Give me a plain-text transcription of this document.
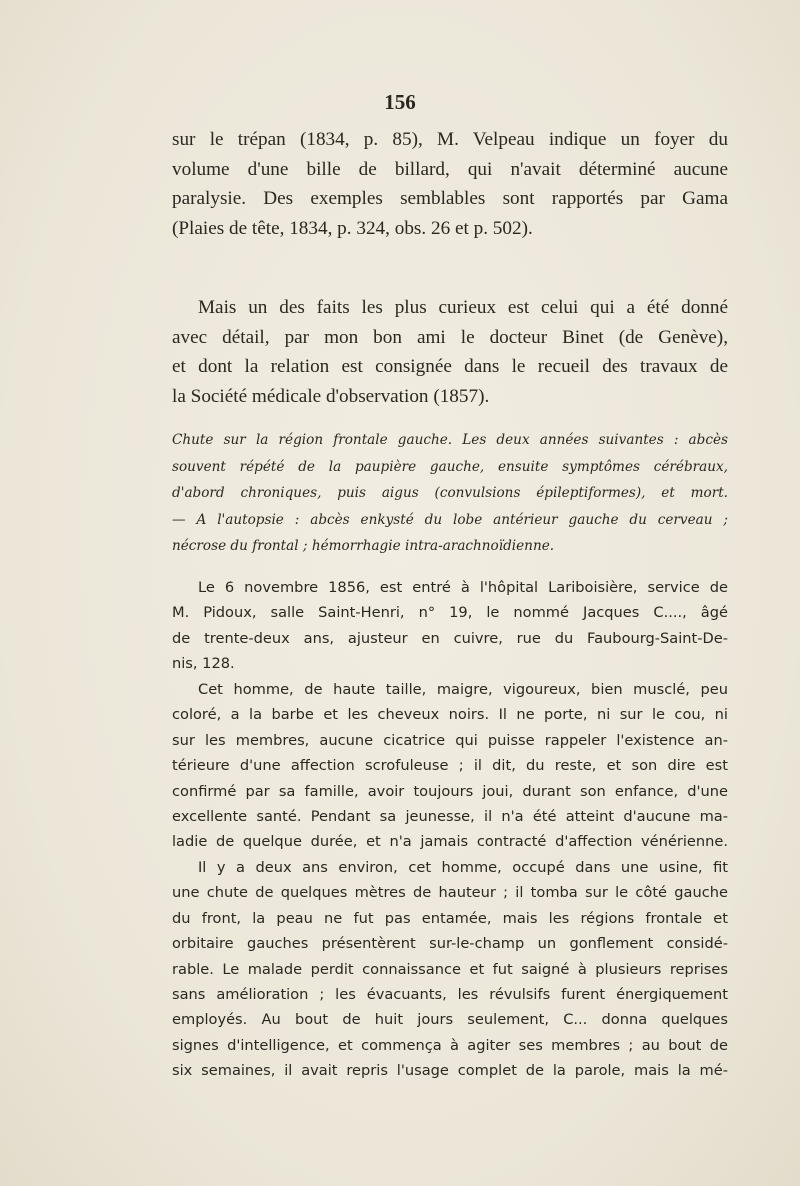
156
sur le trépan (1834, p. 85), M. Velpeau indique un foyer du
volume d'une bille de billard, qui n'avait déterminé aucune
paralysie. Des exemples semblables sont rapportés par Gama
(Plaies de tête, 1834, p. 324, obs. 26 et p. 502).
Mais un des faits les plus curieux est celui qui a été donné
avec détail, par mon bon ami le docteur Binet (de Genève),
et dont la relation est consignée dans le recueil des travaux de
la Société médicale d'observation (1857).
Chute sur la région frontale gauche. Les deux années suivantes : abcès
souvent répété de la paupière gauche, ensuite symptômes cérébraux,
d'abord chroniques, puis aigus (convulsions épileptiformes), et mort.
— A l'autopsie : abcès enkysté du lobe antérieur gauche du cerveau ;
nécrose du frontal ; hémorrhagie intra-arachnoïdienne.
Le 6 novembre 1856, est entré à l'hôpital Lariboisière, service de
M. Pidoux, salle Saint-Henri, n° 19, le nommé Jacques C...., âgé
de trente-deux ans, ajusteur en cuivre, rue du Faubourg-Saint-De-
nis, 128.
Cet homme, de haute taille, maigre, vigoureux, bien musclé, peu
coloré, a la barbe et les cheveux noirs. Il ne porte, ni sur le cou, ni
sur les membres, aucune cicatrice qui puisse rappeler l'existence an-
térieure d'une affection scrofuleuse ; il dit, du reste, et son dire est
confirmé par sa famille, avoir toujours joui, durant son enfance, d'une
excellente santé. Pendant sa jeunesse, il n'a été atteint d'aucune ma-
ladie de quelque durée, et n'a jamais contracté d'affection vénérienne.
Il y a deux ans environ, cet homme, occupé dans une usine, fit
une chute de quelques mètres de hauteur ; il tomba sur le côté gauche
du front, la peau ne fut pas entamée, mais les régions frontale et
orbitaire gauches présentèrent sur-le-champ un gonflement considé-
rable. Le malade perdit connaissance et fut saigné à plusieurs reprises
sans amélioration ; les évacuants, les révulsifs furent énergiquement
employés. Au bout de huit jours seulement, C... donna quelques
signes d'intelligence, et commença à agiter ses membres ; au bout de
six semaines, il avait repris l'usage complet de la parole, mais la mé-
